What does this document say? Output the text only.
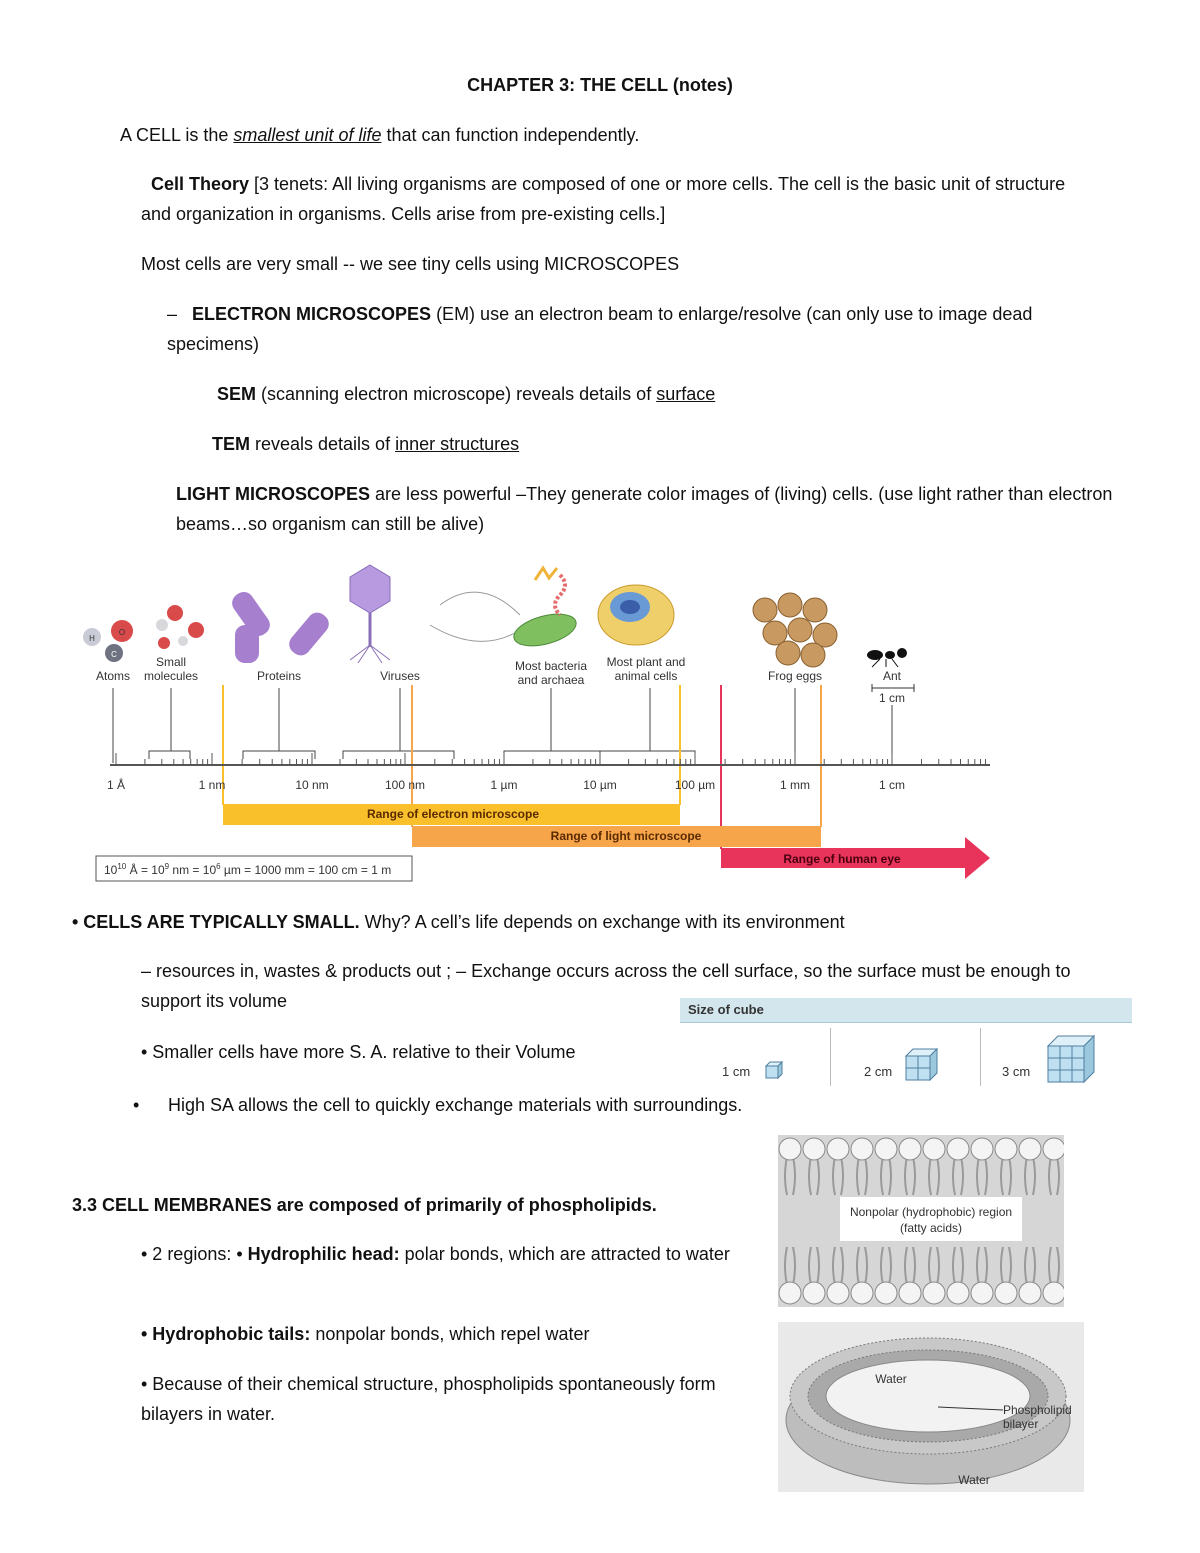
CHAPTER 3: THE CELL (notes)
A CELL is the smallest unit of life that can function independently.
Cell Theory [3 tenets: All living organisms are composed of one or more cells. The cell is the basic unit of structure and organization in organisms. Cells arise from pre-existing cells.]
Most cells are very small -- we see tiny cells using MICROSCOPES
– ELECTRON MICROSCOPES (EM) use an electron beam to enlarge/resolve (can only use to image dead specimens)
SEM (scanning electron microscope) reveals details of surface
TEM reveals details of inner structures
LIGHT MICROSCOPES are less powerful –They generate color images of (living) cells. (use light rather than electron beams…so organism can still be alive)
H
O
C
Atoms
Small
molecules	Proteins	Viruses
Most bacteria
and archaea
Most plant and
animal cells	Frog eggs	Ant
1 cm
1 Å	1 nm	10 nm	100 nm	1 µm	10 µm	100 µm	1 mm	1 cm
Range of electron microscope
Range of light microscope
Range of human eye
$10^{10}$ Å = $10^9$ nm = $10^6$ µm = 1000 mm = 100 cm = 1 m
• CELLS ARE TYPICALLY SMALL. Why? A cell’s life depends on exchange with its environment
– resources in, wastes & products out ; – Exchange occurs across the cell surface, so the surface must be enough to support its volume
• Smaller cells have more S. A. relative to their Volume
• High SA allows the cell to quickly exchange materials with surroundings.
Size of cube
1 cm	2 cm	3 cm
3.3 CELL MEMBRANES are composed of primarily of phospholipids.
• 2 regions: • Hydrophilic head: polar bonds, which are attracted to water
• Hydrophobic tails: nonpolar bonds, which repel water
• Because of their chemical structure, phospholipids spontaneously form bilayers in water.
Nonpolar (hydrophobic) region
(fatty acids)
Water
Phospholipid
bilayer
Water
